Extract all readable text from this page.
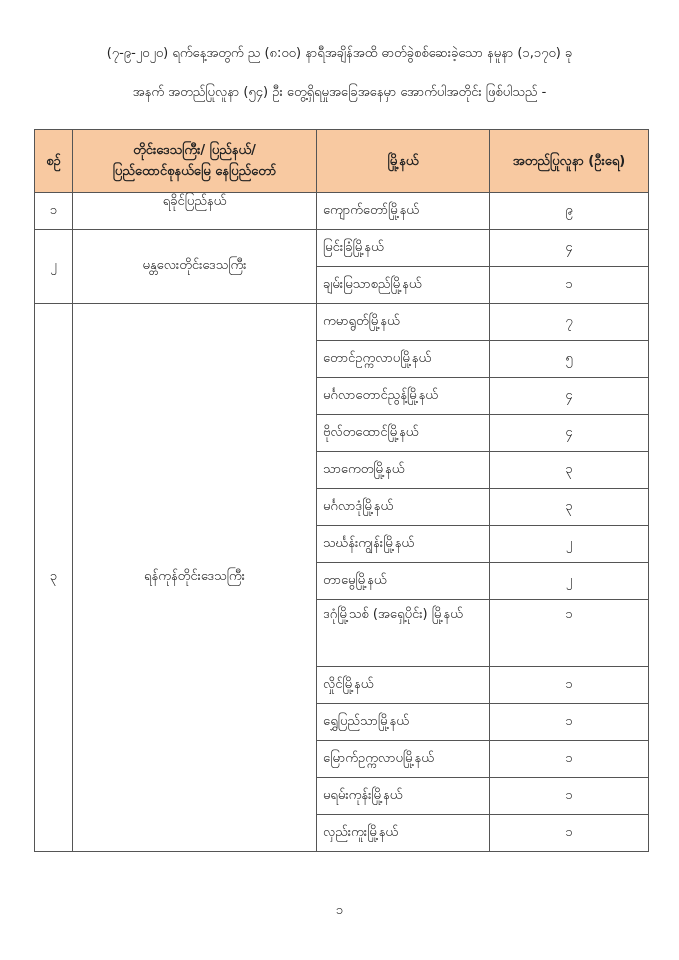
(၇-၉-၂၀၂၀) ရက်နေ့အတွက် ည (၈:၀၀) နာရီအချိန်အထိ ဓာတ်ခွဲစစ်ဆေးခဲ့သော နမူနာ (၁,၁၇၀) ခု
အနက် အတည်ပြုလူနာ (၅၄) ဦး တွေ့ရှိရမှုအခြေအနေမှာ အောက်ပါအတိုင်း ဖြစ်ပါသည် -
စဉ်	တိုင်းဒေသကြီး/ ပြည်နယ်/
ပြည်ထောင်စုနယ်မြေ နေပြည်တော်	မြို့နယ်	အတည်ပြုလူနာ (ဦးရေ)
၁	ရခိုင်ပြည်နယ်	ကျောက်တော်မြို့နယ်	၉
၂	မန္တလေးတိုင်းဒေသကြီး	မြင်းခြံမြို့နယ်	၄
		ချမ်းမြသာစည်မြို့နယ်	၁
၃	ရန်ကုန်တိုင်းဒေသကြီး	ကမာရွတ်မြို့နယ်	၇
		တောင်ဥက္ကလာပမြို့နယ်	၅
		မင်္ဂလာတောင်ညွန့်မြို့နယ်	၄
		ဗိုလ်တထောင်မြို့နယ်	၄
		သာကေတမြို့နယ်	၃
		မင်္ဂလာဒုံမြို့နယ်	၃
		သင်္ဃန်းကျွန်းမြို့နယ်	၂
		တာမွေမြို့နယ်	၂
		ဒဂုံမြို့သစ် (အရှေ့ပိုင်း) မြို့နယ်	၁
		လှိုင်မြို့နယ်	၁
		ရွှေပြည်သာမြို့နယ်	၁
		မြောက်ဥက္ကလာပမြို့နယ်	၁
		မရမ်းကုန်းမြို့နယ်	၁
		လှည်းကူးမြို့နယ်	၁
၁
